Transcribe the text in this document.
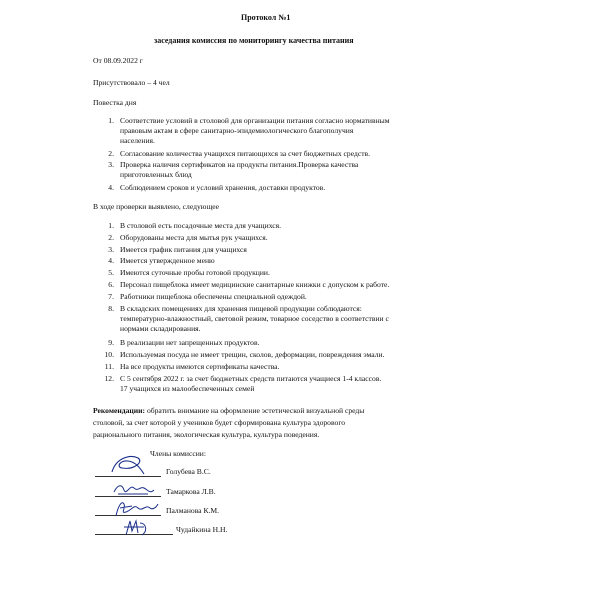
Протокол №1
заседания комиссия по мониторингу качества питания
От 08.09.2022 г
Присутствовало – 4 чел
Повестка дня
1. Соответствие условий в столовой для организации питания согласно нормативным
правовым актам в сфере санитарно-эпидемиологического благополучия
населения.
2. Согласование количества учащихся питающихся за счет бюджетных средств.
3. Проверка наличия сертификатов на продукты питания.Проверка качества
приготовленных блюд
4. Соблюдением сроков и условий хранения, доставки продуктов.
В ходе проверки выявлено, следующее
1. В столовой есть посадочные места для учащихся.
2. Оборудованы места для мытья рук учащихся.
3. Имеется график питания для учащихся
4. Имеется утвержденное меню
5. Имеются суточные пробы готовой продукции.
6. Персонал пищеблока имеет медицинские санитарные книжки с допуском к работе.
7. Работники пищеблока обеспечены специальной одеждой.
8. В складских помещениях для хранения пищевой продукции соблюдаются:
температурно-влажностный, световой режим, товарное соседство в соответствии с
нормами складирования.
9. В реализации нет запрещенных продуктов.
10. Используемая посуда не имеет трещин, сколов, деформации, повреждения эмали.
11. На все продукты имеются сертификаты качества.
12. С 5 сентября 2022 г. за счет бюджетных средств питаются учащиеся 1-4 классов.
17 учащихся из малообеспеченных семей
Рекомендации: обратить внимание на оформление эстетической визуальной среды
столовой, за счет которой у учеников будет сформирована культура здорового
рационального питания, экологическая культура, культура поведения.
Члены комиссии:
Голубева В.С.
Тамаркова Л.В.
Палманова К.М.
Чудайкина Н.Н.
